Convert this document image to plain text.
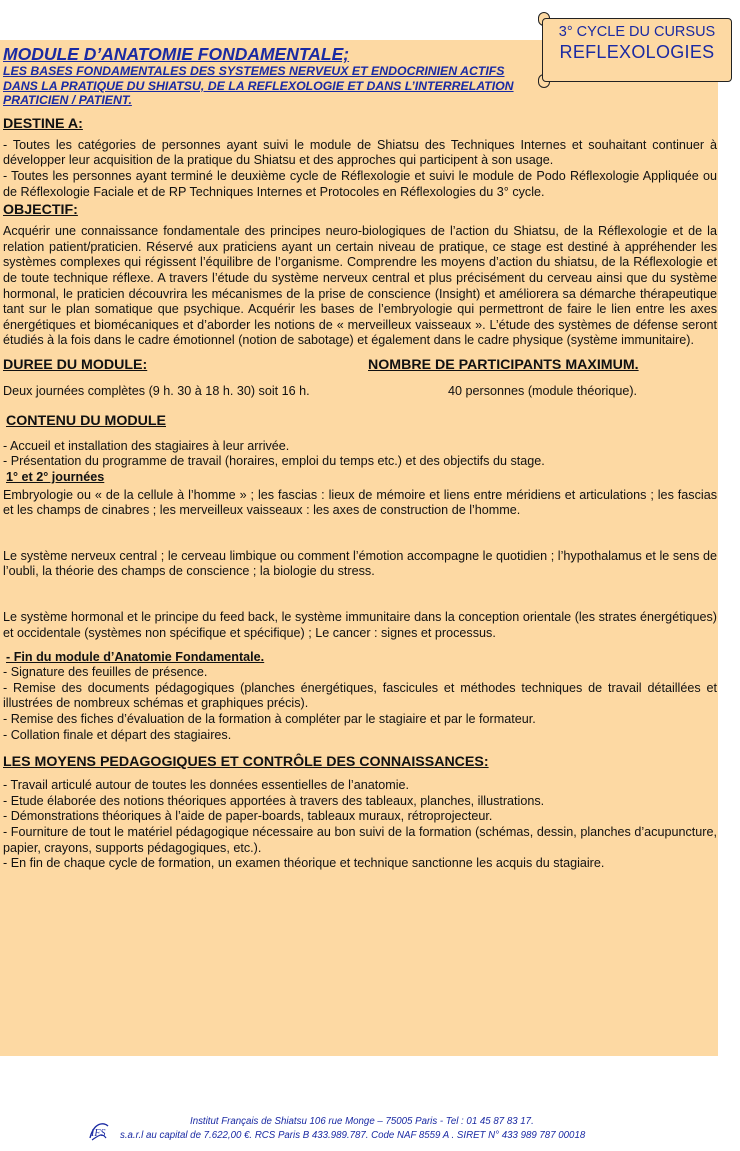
3° CYCLE DU CURSUS
REFLEXOLOGIES
MODULE D’ANATOMIE FONDAMENTALE;
LES BASES FONDAMENTALES DES SYSTEMES NERVEUX ET ENDOCRINIEN ACTIFS DANS LA PRATIQUE DU SHIATSU, DE LA REFLEXOLOGIE ET DANS L’INTERRELATION PRATICIEN / PATIENT.
DESTINE A:

- Toutes les catégories de personnes ayant suivi le module de Shiatsu des Techniques Internes et souhaitant continuer à développer leur acquisition de la pratique du Shiatsu et des approches qui participent à son usage.

- Toutes les personnes ayant terminé le deuxième cycle de Réflexologie et suivi le module de Podo Réflexologie Appliquée ou de Réflexologie Faciale et de RP Techniques Internes et Protocoles en Réflexologies du 3° cycle.

OBJECTIF:

Acquérir une connaissance fondamentale des principes neuro-biologiques de l’action du Shiatsu, de la Réflexologie et de la relation patient/praticien. Réservé aux praticiens ayant un certain niveau de pratique, ce stage est destiné à appréhender les systèmes complexes qui régissent l’équilibre de l’organisme. Comprendre les moyens d’action du shiatsu, de la Réflexologie et de toute technique réflexe. A travers l’étude du système nerveux central et plus précisément du cerveau ainsi que du système hormonal, le praticien découvrira les mécanismes de la prise de conscience (Insight) et améliorera sa démarche thérapeutique tant sur le plan somatique que psychique. Acquérir les bases de l’embryologie qui permettront de faire le lien entre les axes énergétiques et biomécaniques et d’aborder les notions de « merveilleux vaisseaux ». L’étude des systèmes de défense seront étudiés à la fois dans le cadre émotionnel (notion de sabotage) et également dans le cadre physique (système immunitaire).

DUREE DU MODULE:	NOMBRE DE PARTICIPANTS MAXIMUM.
Deux journées complètes (9 h. 30 à 18 h. 30) soit 16 h.	40 personnes (module théorique).
CONTENU DU MODULE

- Accueil et installation des stagiaires à leur arrivée.

- Présentation du programme de travail (horaires, emploi du temps etc.) et des objectifs du stage.

1° et 2° journées

Embryologie ou « de la cellule à l’homme » ; les fascias : lieux de mémoire et liens entre méridiens et articulations ; les fascias et les champs de cinabres ; les merveilleux vaisseaux : les axes de construction de l’homme.

Le système nerveux central ; le cerveau limbique ou comment l’émotion accompagne le quotidien ; l’hypothalamus et le sens de l’oubli, la théorie des champs de conscience ; la biologie du stress.

Le système hormonal et le principe du feed back, le système immunitaire dans la conception orientale (les strates énergétiques) et occidentale (systèmes non spécifique et spécifique) ; Le cancer : signes et processus.

- Fin du module d’Anatomie Fondamentale.

- Signature des feuilles de présence.

- Remise des documents pédagogiques (planches énergétiques, fascicules et méthodes techniques de travail détaillées et illustrées de nombreux schémas et graphiques précis).

- Remise des fiches d’évaluation de la formation à compléter par le stagiaire et par le formateur.

- Collation finale et départ des stagiaires.

LES MOYENS PEDAGOGIQUES ET CONTRÔLE DES CONNAISSANCES:

- Travail articulé autour de toutes les données essentielles de l’anatomie.

- Etude élaborée des notions théoriques apportées à travers des tableaux, planches, illustrations.

- Démonstrations théoriques à l’aide de paper-boards, tableaux muraux, rétroprojecteur.

- Fourniture de tout le matériel pédagogique nécessaire au bon suivi de la formation (schémas, dessin, planches d’acupuncture, papier, crayons, supports pédagogiques, etc.).

- En fin de chaque cycle de formation, un examen théorique et technique sanctionne les acquis du stagiaire.

IFS
Institut Français de Shiatsu 106 rue Monge – 75005 Paris - Tel : 01 45 87 83 17.
s.a.r.l au capital de 7.622,00 €. RCS Paris B 433.989.787. Code NAF 8559 A . SIRET N° 433 989 787 00018
